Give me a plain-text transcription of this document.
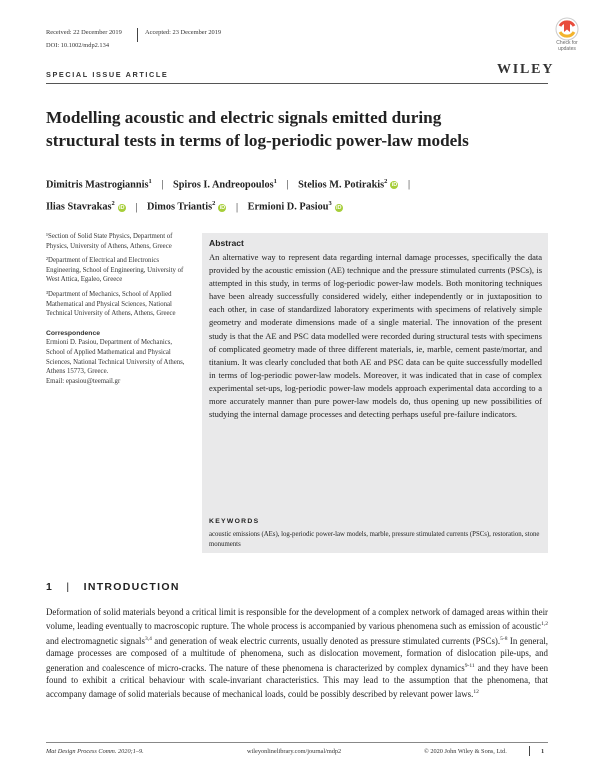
Received: 22 December 2019	Accepted: 23 December 2019
DOI: 10.1002/mdp2.134	Check for
updates
SPECIAL ISSUE ARTICLE	WILEY
Modelling acoustic and electric signals emitted during
structural tests in terms of log-periodic power-law models
Dimitris Mastrogiannis$^1$ | Spiros I. Andreopoulos$^1$ | Stelios M. Potirakis$^2$iD |
Ilias Stavrakas$^2$iD | Dimos Triantis$^2$iD | Ermioni D. Pasiou$^3$iD

¹Section of Solid State Physics, Department of Physics, University of Athens, Athens, Greece

²Department of Electrical and Electronics Engineering, School of Engineering, University of West Attica, Egaleo, Greece

³Department of Mechanics, School of Applied Mathematical and Physical Sciences, National Technical University of Athens, Athens, Greece

Correspondence

Ermioni D. Pasiou, Department of Mechanics, School of Applied Mathematical and Physical Sciences, National Technical University of Athens, Athens 15773, Greece.

Email: epasiou@teemail.gr

Abstract
An alternative way to represent data regarding internal damage processes, specifically the data provided by the acoustic emission (AE) technique and the pressure stimulated currents (PSCs), is attempted in this study, in terms of log-periodic power-law models. Both monitoring techniques have been already successfully considered widely, either independently or in juxtaposition to each other, in case of standardized laboratory experiments with specimens of relatively simple geometry and moderate dimensions made of a single material. The innovation of the present study is that the AE and PSC data modelled were recorded during structural tests with specimens of complicated geometry made of three different materials, ie, marble, cement paste/mortar, and titanium. It was clearly concluded that both AE and PSC data can be quite successfully modelled in terms of log-periodic power-law models. Moreover, it was indicated that in case of complex experimental set-ups, log-periodic power-law models approach experimental data according to a more accurately manner than pure power-law models do, thus opening up new possibilities of studying the internal damage processes and detecting perhaps useful pre-failure indicators.
KEYWORDS
acoustic emissions (AEs), log-periodic power-law models, marble, pressure stimulated currents (PSCs), restoration, stone monuments
1 | INTRODUCTION
Deformation of solid materials beyond a critical limit is responsible for the development of a complex network of damaged areas within their volume, leading eventually to macroscopic rupture. The whole process is accompanied by various phenomena such as emission of acoustic$^{1,2}$ and electromagnetic signals$^{3,4}$ and generation of weak electric currents, usually denoted as pressure stimulated currents (PSCs).$^{5-8}$ In general, damage processes are composed of a multitude of phenomena, such as dislocation movement, formation of dislocation pile-ups, and generation and coalescence of micro-cracks. The nature of these phenomena is characterized by complex dynamics$^{9-11}$ and they have been found to exhibit a critical behaviour with scale-invariant characteristics. This may lead to the assumption that the phenomena, that accompany damage of solid materials because of mechanical loads, could be possibly described by relevant power laws.$^{12}$
Mat Design Process Comm. 2020;1–9.	wileyonlinelibrary.com/journal/mdp2	© 2020 John Wiley & Sons, Ltd.	1
